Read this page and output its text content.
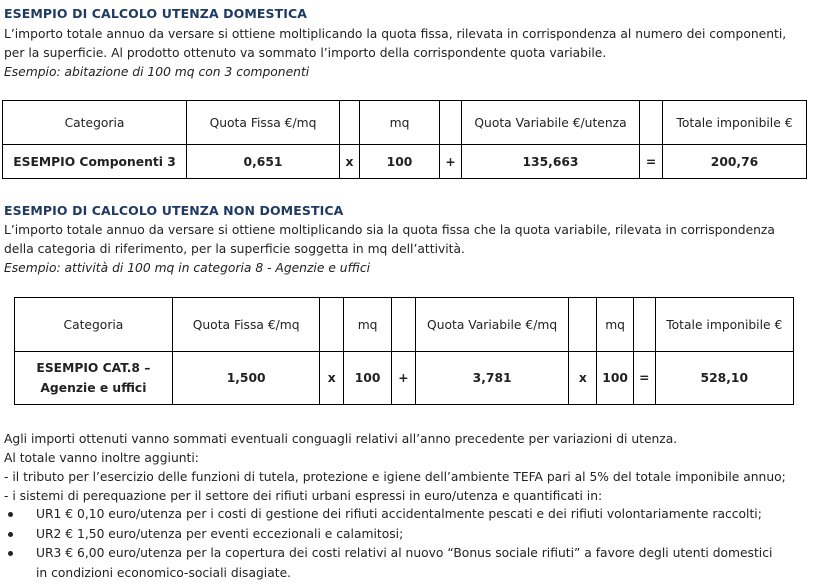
ESEMPIO DI CALCOLO UTENZA DOMESTICA
L’importo totale annuo da versare si ottiene moltiplicando la quota fissa, rilevata in corrispondenza al numero dei componenti,
per la superficie. Al prodotto ottenuto va sommato l’importo della corrispondente quota variabile.
Esempio: abitazione di 100 mq con 3 componenti
Categoria	Quota Fissa €/mq		mq		Quota Variabile €/utenza		Totale imponibile €
ESEMPIO Componenti 3	0,651	x	100	+	135,663	=	200,76
ESEMPIO DI CALCOLO UTENZA NON DOMESTICA
L’importo totale annuo da versare si ottiene moltiplicando sia la quota fissa che la quota variabile, rilevata in corrispondenza
della categoria di riferimento, per la superficie soggetta in mq dell’attività.
Esempio: attività di 100 mq in categoria 8 - Agenzie e uffici
Categoria	Quota Fissa €/mq		mq		Quota Variabile €/mq		mq		Totale imponibile €

ESEMPIO CAT.8 –
Agenzie e uffici	1,500	x	100	+	3,781	x	100	=	528,10
Agli importi ottenuti vanno sommati eventuali conguagli relativi all’anno precedente per variazioni di utenza.
Al totale vanno inoltre aggiunti:
- il tributo per l’esercizio delle funzioni di tutela, protezione e igiene dell’ambiente TEFA pari al 5% del totale imponibile annuo;
- i sistemi di perequazione per il settore dei rifiuti urbani espressi in euro/utenza e quantificati in:
UR1 € 0,10 euro/utenza per i costi di gestione dei rifiuti accidentalmente pescati e dei rifiuti volontariamente raccolti;
UR2 € 1,50 euro/utenza per eventi eccezionali e calamitosi;
UR3 € 6,00 euro/utenza per la copertura dei costi relativi al nuovo “Bonus sociale rifiuti” a favore degli utenti domestici
in condizioni economico-sociali disagiate.
